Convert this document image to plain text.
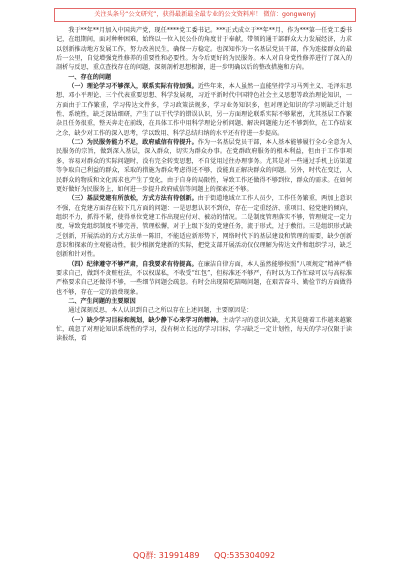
关注头条号“公文研究”，获得最新最全最专业的公文资料库！ 微信：gongwenyj

我于**年**月加入中国共产党，现任****党工委书记。***正式成立于**年**月，作为***第一任党工委书记，在组期间，面对种种困难，始终以一位入民公仆的角度甘于奉献，带领的通干部群众大力发展经济，力求以创新推动地方发展工作，努力改善民生，确保一方稳定。也深知作为一名基层党员干部，作为连接群众的最后一公里，自觉增强党性修养的重要性和必要性。为今后更好的为民服务。本人对自身党性修养进行了深入的剖析与反思，重点查找存在的问题，深刻剖析思想根源，进一步明确以后的整改措施和方向。

一、存在的问题

（一）理论学习不够深入，联系实际有待加强。近些年来，本人虽然一直能坚持学习马列主义、毛泽东思想、邓小平理论、三个代表重要思想、科学发展观，习近平新时代中国特色社会主义思想等政治理论知识，一方面由于工作繁重，学习传达文件多，学习政策法规多，学习业务知识多，但对理论知识的学习则缺乏计划性、系统性，缺乏深钻细研，产生了以干代学的错误认识，另一方面理论联系实际不够紧密，尤其基层工作繁杂且任务很重，整天奔走在前线，在具体工作中用科学理论分析问题、解决问题能力还不够到位，在工作结束之余，缺少对工作的深入思考，学以致用、科学总结归纳的水平还有待进一步提高。

（二）为民服务能力不足，政府威信有待提升。作为一名基层党员干部，本人基本能够履行全心全意为人民服务的宗旨，做到深入基层，深入群众，切实为群众办事。在党群政府服务的根本利益，但由于工作事项多，容易对群众的实际问题时，没有完全转变思想，不自觉用过往办理事务。尤其是对一些通过手机上访渠道等争取自己利益的群众，采取的措施为群众考虑得还不够，没能真正解决群众的问题。另外，时代在变迁，人民群众的物质和文化需求也产生了变化，由于自身的局限性，导致工作还做得不够到位，群众的需求。在如何更好做好为民服务上，如何进一步提升政府威信等问题上的探索还不够。

（三）基层党建有所放松，方式方法有待创新。由于街道地域立工作人员少，工作任务繁重，两加上意识不强，在党建方面存在较下几方面的问题：一是思想认识不到位，存在一定重经济、重项目、轻党建的倾向，组织不力，抓得不紧，使得单位党建工作出现应付对、被动的情况。二是制度管理落实不够，管理规定一定力度，导致党组织制度不够完善，管理松懈，对于上级下发的党建任务，流于形式，过于敷衍。三是组织形式缺乏创新，开展活动的方式方法单一陈旧，不能适应新形势下，网络时代下的基层建设和管理的需要，缺少创新意识和探索的主观能动性，很少根据党建新的实际，把党支部开展活动仅仅理解为传达文件和组织学习，缺乏创新和针对性。

（四）纪律遵守不够严肃，自我要求有待提高。在廉洁自律方面，本人虽然能够按照“八项规定”精神严格要求自己，做到不贪赃枉法，不以权谋私，不收受“红包”，但标准还不够严，有时以为工作忙碌可以与高标准严格要求自己还做得不够，一些细节问题会疏忽。有时会出现陪吃陪喝问题，在艰苦奋斗、勤俭节约方面做得也不够，存在一定的浪费现象。

二、产生问题的主要原因

通过深刻反思，本人认识到自己之所以存在上述问题，主要原因是：

（一）缺少学习目标和规划，缺少静下心来学习的精神。主动学习的意识欠缺，尤其是随着工作越来越繁忙，疏忽了对理论知识系统性的学习，没有树立长远的学习目标，学习缺乏一定计划性，每天的学习仅限于读读报纸，看

QQ群: 31991489 QQ:535304092
